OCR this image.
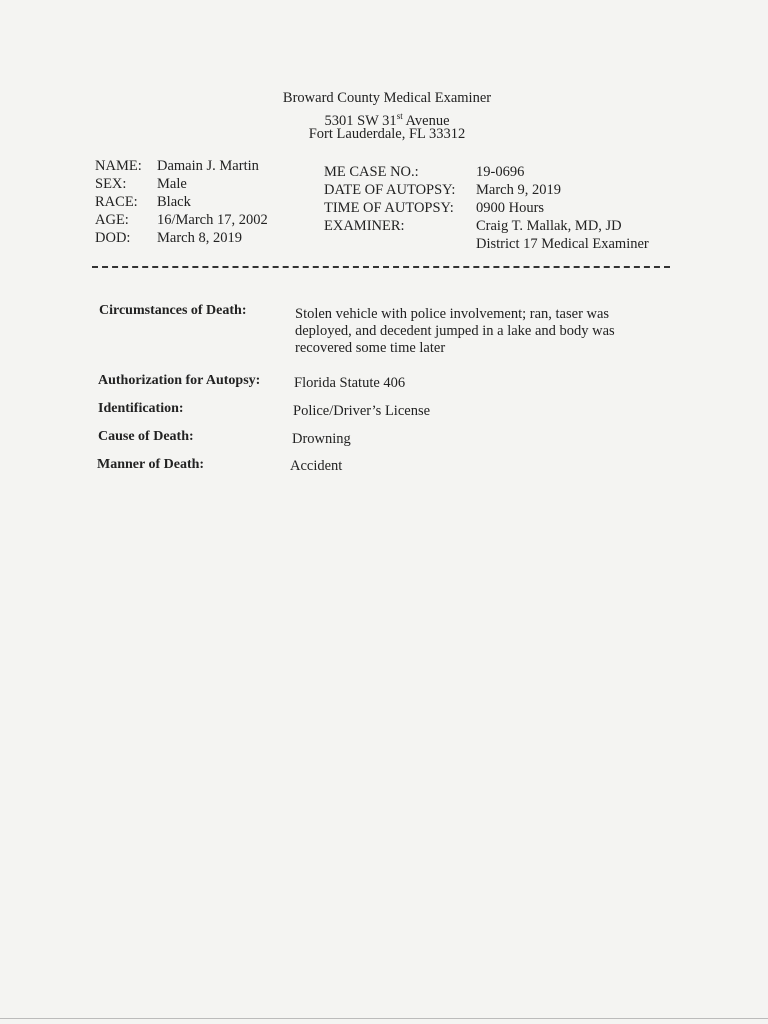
Broward County Medical Examiner
5301 SW 31st Avenue
Fort Lauderdale, FL 33312
NAME: Damain J. Martin
SEX: Male
RACE: Black
AGE: 16/March 17, 2002
DOD: March 8, 2019
ME CASE NO.:	19-0696
DATE OF AUTOPSY: March 9, 2019
TIME OF AUTOPSY: 0900 Hours
EXAMINER:	Craig T. Mallak, MD, JD
District 17 Medical Examiner
Circumstances of Death:	Stolen vehicle with police involvement; ran, taser was
deployed, and decedent jumped in a lake and body was
recovered some time later
Authorization for Autopsy: Florida Statute 406
Identification:	Police/Driver’s License
Cause of Death:	Drowning
Manner of Death:	Accident
